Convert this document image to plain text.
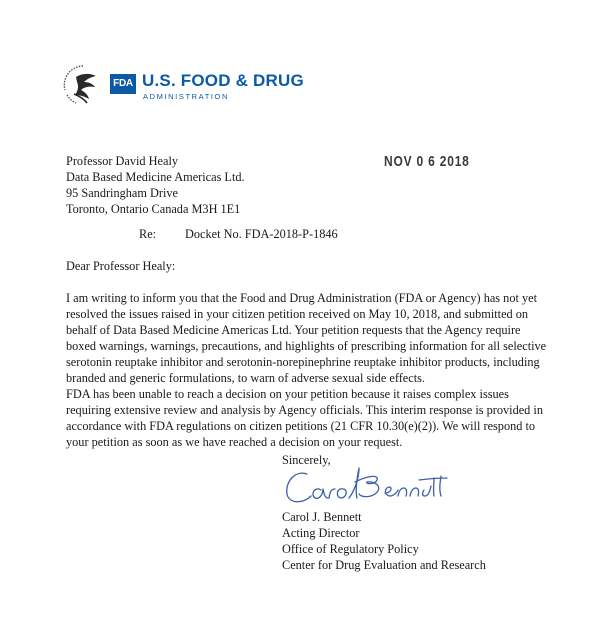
FDA U.S. FOOD & DRUG
ADMINISTRATION
NOV 0 6 2018
Professor David Healy
Data Based Medicine Americas Ltd.
95 Sandringham Drive
Toronto, Ontario Canada M3H 1E1
Re: Docket No. FDA-2018-P-1846
Dear Professor Healy:
I am writing to inform you that the Food and Drug Administration (FDA or Agency) has not yet
resolved the issues raised in your citizen petition received on May 10, 2018, and submitted on
behalf of Data Based Medicine Americas Ltd. Your petition requests that the Agency require
boxed warnings, warnings, precautions, and highlights of prescribing information for all selective
serotonin reuptake inhibitor and serotonin-norepinephrine reuptake inhibitor products, including
branded and generic formulations, to warn of adverse sexual side effects.
FDA has been unable to reach a decision on your petition because it raises complex issues
requiring extensive review and analysis by Agency officials. This interim response is provided in
accordance with FDA regulations on citizen petitions (21 CFR 10.30(e)(2)). We will respond to
your petition as soon as we have reached a decision on your request.
Sincerely,
Carol J. Bennett
Acting Director
Office of Regulatory Policy
Center for Drug Evaluation and Research
